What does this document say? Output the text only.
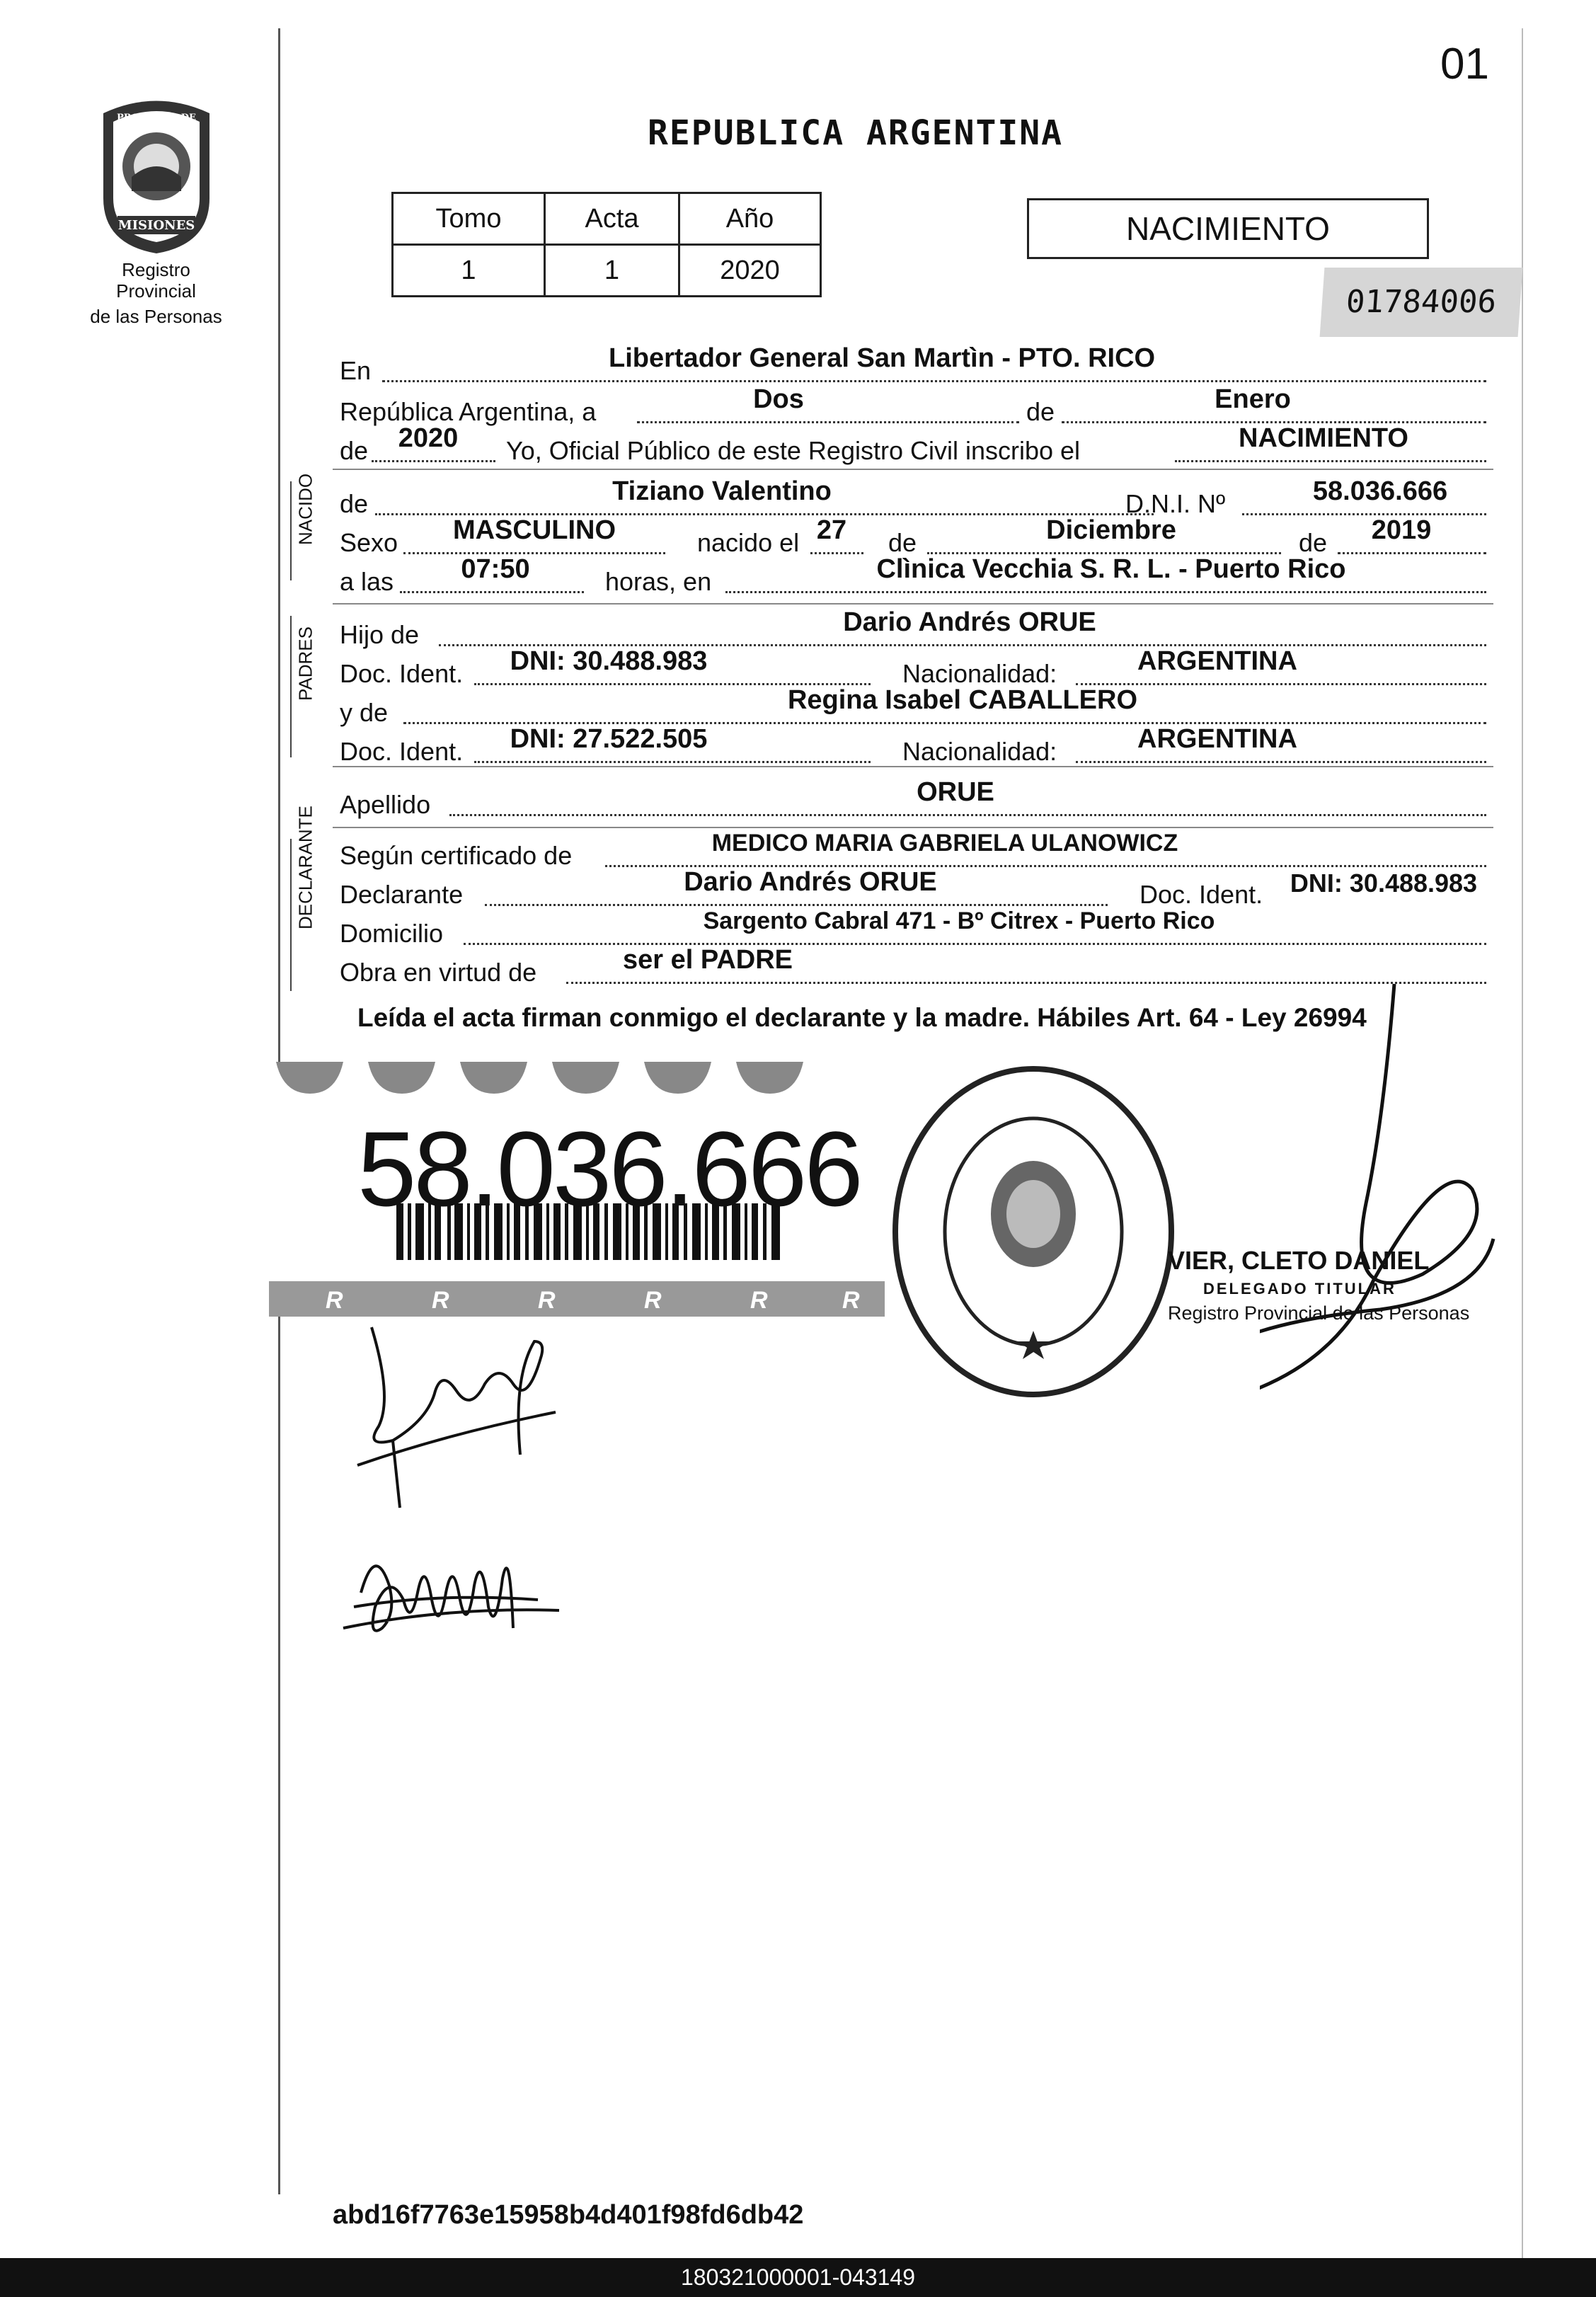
01
MISIONES
PROVINCIA DE
Registro Provincial
de las Personas
REPUBLICA ARGENTINA
Tomo	Acta	Año
1	1	2020
NACIMIENTO
01784006
NACIDO
PADRES
DECLARANTE
En	Libertador General San Martìn - PTO. RICO
República Argentina, a	Dos	de	Enero
de	2020	Yo, Oficial Público de este Registro Civil inscribo el	NACIMIENTO
de	Tiziano Valentino	D.N.I. Nº	58.036.666
Sexo MASCULINO	nacido el 27 de	Diciembre	de	2019
a las	07:50	horas, en	Clìnica Vecchia S. R. L. - Puerto Rico
Hijo de	Dario Andrés ORUE
Doc. Ident. DNI: 30.488.983	Nacionalidad:	ARGENTINA
y de	Regina Isabel CABALLERO
Doc. Ident. DNI: 27.522.505	Nacionalidad:	ARGENTINA
Apellido	ORUE
Según certificado de	MEDICO MARIA GABRIELA ULANOWICZ
Declarante	Dario Andrés ORUE	Doc. Ident.	DNI: 30.488.983
Domicilio	Sargento Cabral 471 - Bº Citrex - Puerto Rico
Obra en virtud de	ser el PADRE
Leída el acta firman conmigo el declarante y la madre. Hábiles Art. 64 - Ley 26994
R	R	R	R	R	R
58.036.666
VIER, CLETO DANIEL
DELEGADO TITULAR
Registro Provincial de las Personas
abd16f7763e15958b4d401f98fd6db42
180321000001-043149
